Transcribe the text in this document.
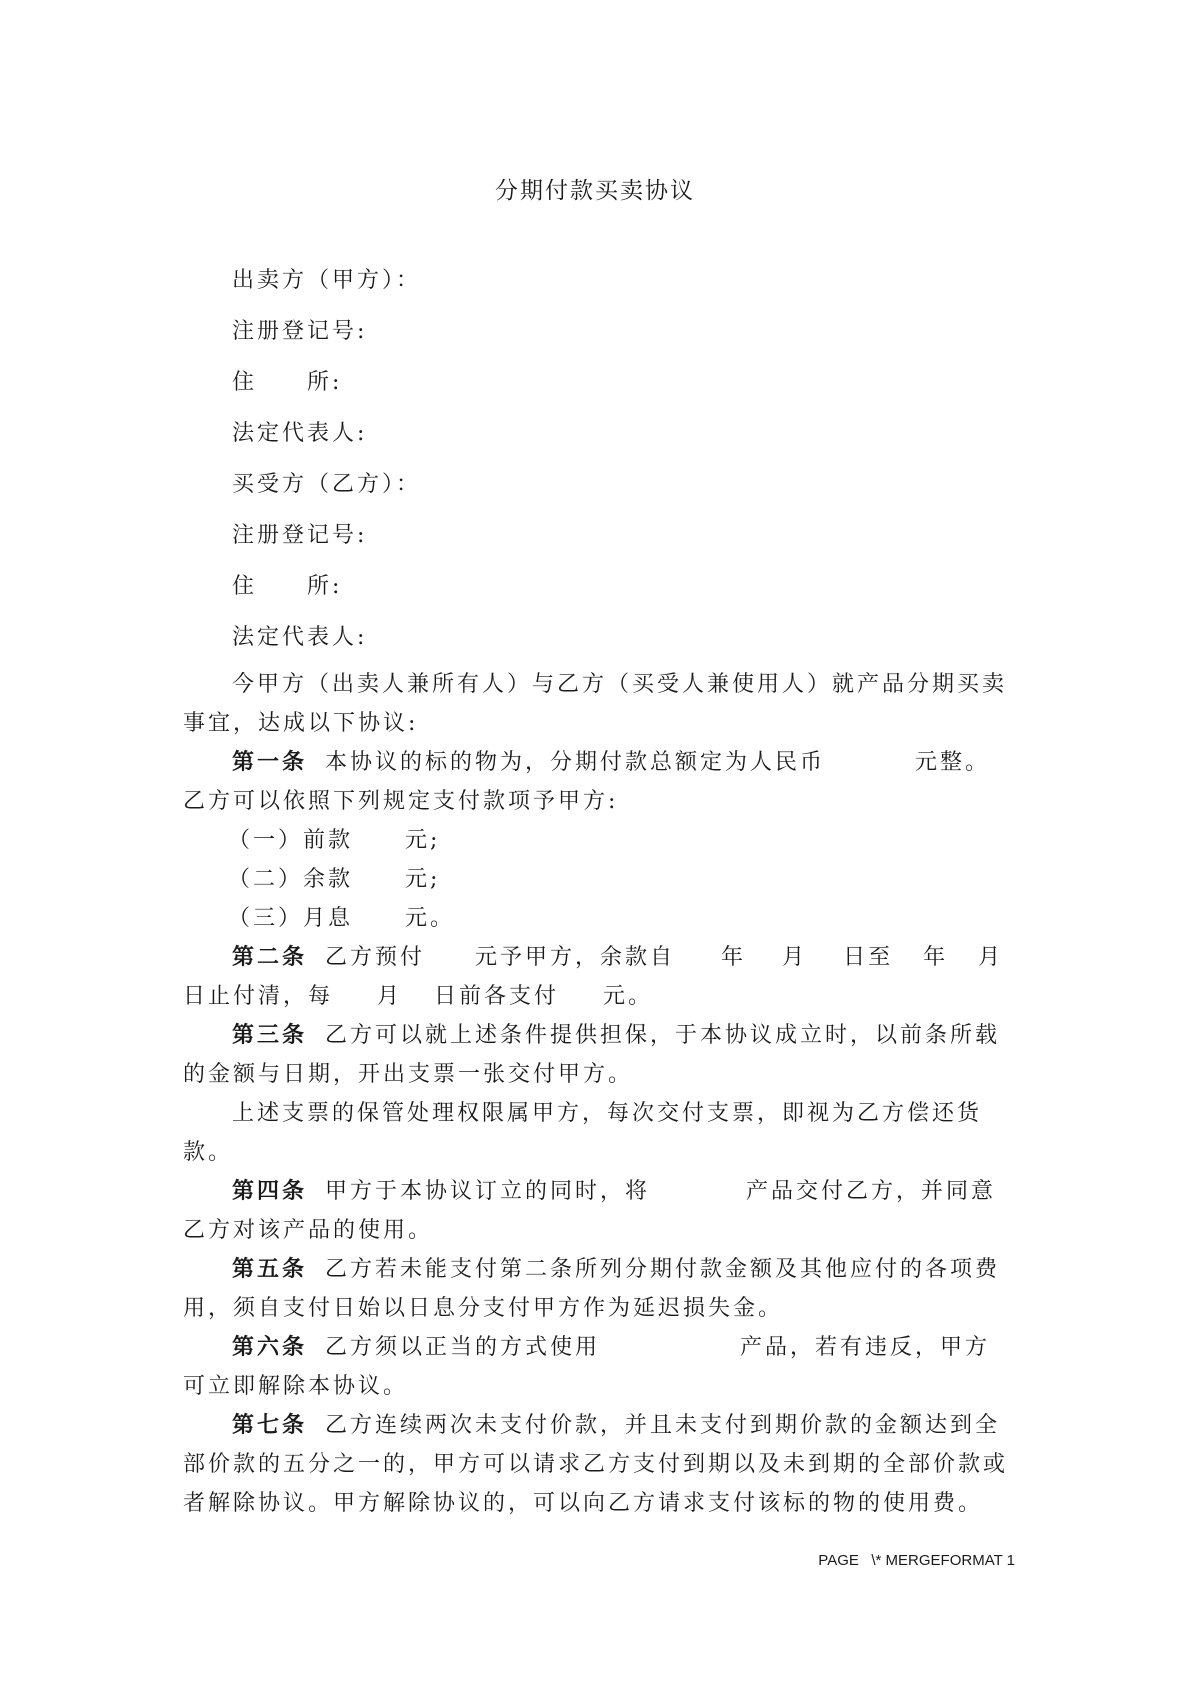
分期付款买卖协议
出卖方（甲方）：
注册登记号:
住　　所:
法定代表人:
买受方（乙方）：
注册登记号:
住　　所:
法定代表人:

今甲方（出卖人兼所有人）与乙方（买受人兼使用人）就产品分期买卖事宜，达成以下协议:

第一条 本协议的标的物为，分期付款总额定为人民币	元整。乙方可以依照下列规定支付款项予甲方:

（一）前款 元;

（二）余款 元;

（三）月息 元。

第二条 乙方预付 元予甲方，余款自 年 月 日至 年 月日止付清，每 月 日前各支付 元。

第三条 乙方可以就上述条件提供担保，于本协议成立时，以前条所载的金额与日期，开出支票一张交付甲方。

上述支票的保管处理权限属甲方，每次交付支票，即视为乙方偿还货款。

第四条 甲方于本协议订立的同时，将	产品交付乙方，并同意乙方对该产品的使用。

第五条 乙方若未能支付第二条所列分期付款金额及其他应付的各项费用，须自支付日始以日息分支付甲方作为延迟损失金。

第六条 乙方须以正当的方式使用	产品，若有违反，甲方可立即解除本协议。

第七条 乙方连续两次未支付价款，并且未支付到期价款的金额达到全部价款的五分之一的，甲方可以请求乙方支付到期以及未到期的全部价款或者解除协议。甲方解除协议的，可以向乙方请求支付该标的物的使用费。

PAGE   \* MERGEFORMAT 1
